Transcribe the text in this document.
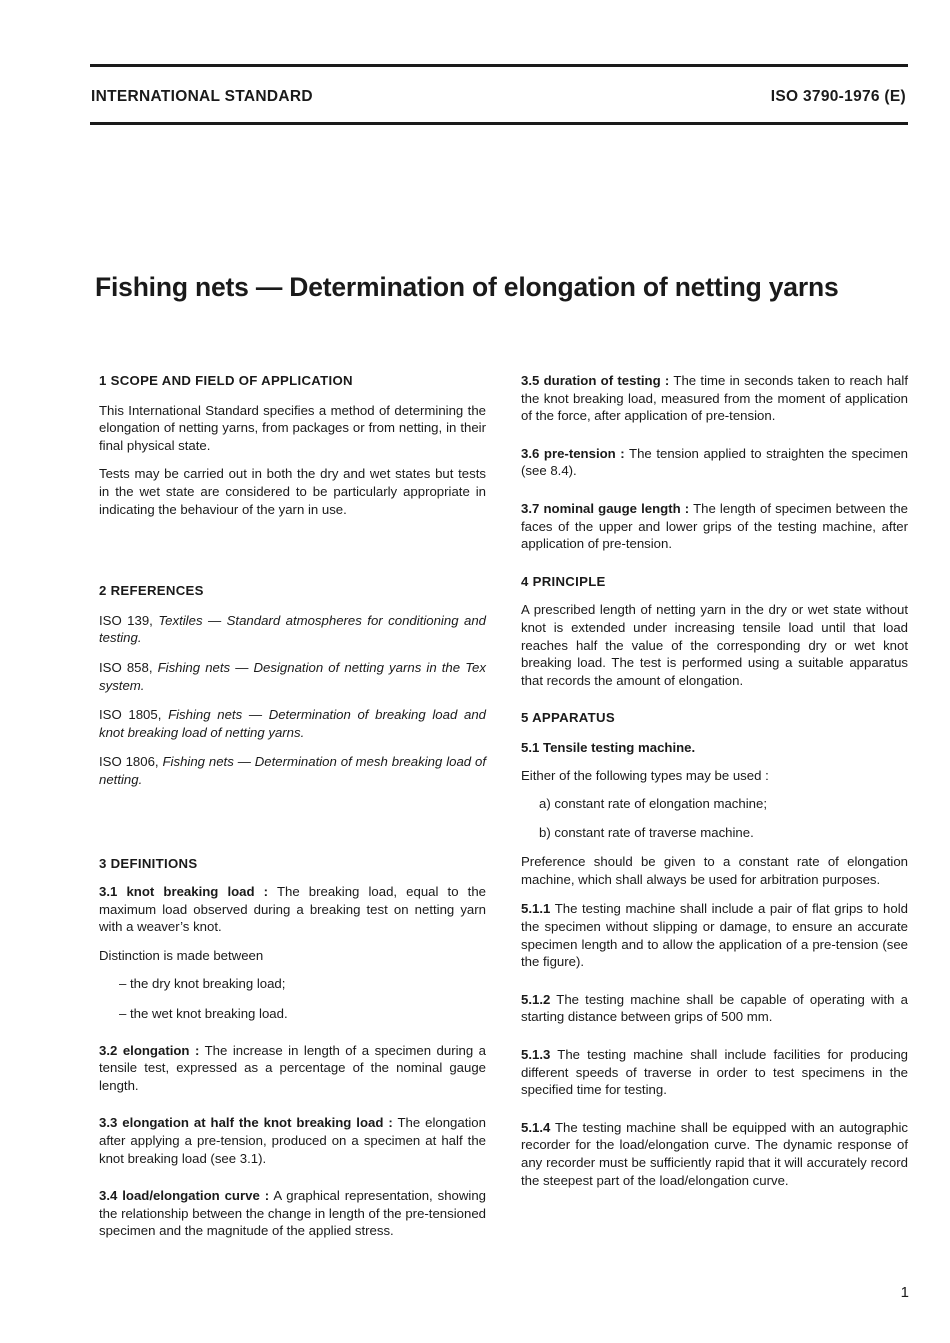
INTERNATIONAL STANDARD	ISO 3790-1976 (E)
Fishing nets — Determination of elongation of netting yarns
1 SCOPE AND FIELD OF APPLICATION

This International Standard specifies a method of determining the elongation of netting yarns, from packages or from netting, in their final physical state.

Tests may be carried out in both the dry and wet states but tests in the wet state are considered to be particularly appropriate in indicating the behaviour of the yarn in use.

2 REFERENCES

ISO 139, Textiles — Standard atmospheres for conditioning and testing.

ISO 858, Fishing nets — Designation of netting yarns in the Tex system.

ISO 1805, Fishing nets — Determination of breaking load and knot breaking load of netting yarns.

ISO 1806, Fishing nets — Determination of mesh breaking load of netting.

3 DEFINITIONS

3.1 knot breaking load : The breaking load, equal to the maximum load observed during a breaking test on netting yarn with a weaver’s knot.

Distinction is made between

– the dry knot breaking load;

– the wet knot breaking load.

3.2 elongation : The increase in length of a specimen during a tensile test, expressed as a percentage of the nominal gauge length.

3.3 elongation at half the knot breaking load : The elongation after applying a pre-tension, produced on a specimen at half the knot breaking load (see 3.1).

3.4 load/elongation curve : A graphical representation, showing the relationship between the change in length of the pre-tensioned specimen and the magnitude of the applied stress.

3.5 duration of testing : The time in seconds taken to reach half the knot breaking load, measured from the moment of application of the force, after application of pre-tension.

3.6 pre-tension : The tension applied to straighten the specimen (see 8.4).

3.7 nominal gauge length : The length of specimen between the faces of the upper and lower grips of the testing machine, after application of pre-tension.

4 PRINCIPLE

A prescribed length of netting yarn in the dry or wet state without knot is extended under increasing tensile load until that load reaches half the value of the corresponding dry or wet knot breaking load. The test is performed using a suitable apparatus that records the amount of elongation.

5 APPARATUS

5.1 Tensile testing machine.

Either of the following types may be used :

a) constant rate of elongation machine;

b) constant rate of traverse machine.

Preference should be given to a constant rate of elongation machine, which shall always be used for arbitration purposes.

5.1.1 The testing machine shall include a pair of flat grips to hold the specimen without slipping or damage, to ensure an accurate specimen length and to allow the application of a pre-tension (see the figure).

5.1.2 The testing machine shall be capable of operating with a starting distance between grips of 500 mm.

5.1.3 The testing machine shall include facilities for producing different speeds of traverse in order to test specimens in the specified time for testing.

5.1.4 The testing machine shall be equipped with an autographic recorder for the load/elongation curve. The dynamic response of any recorder must be sufficiently rapid that it will accurately record the steepest part of the load/elongation curve.

1
